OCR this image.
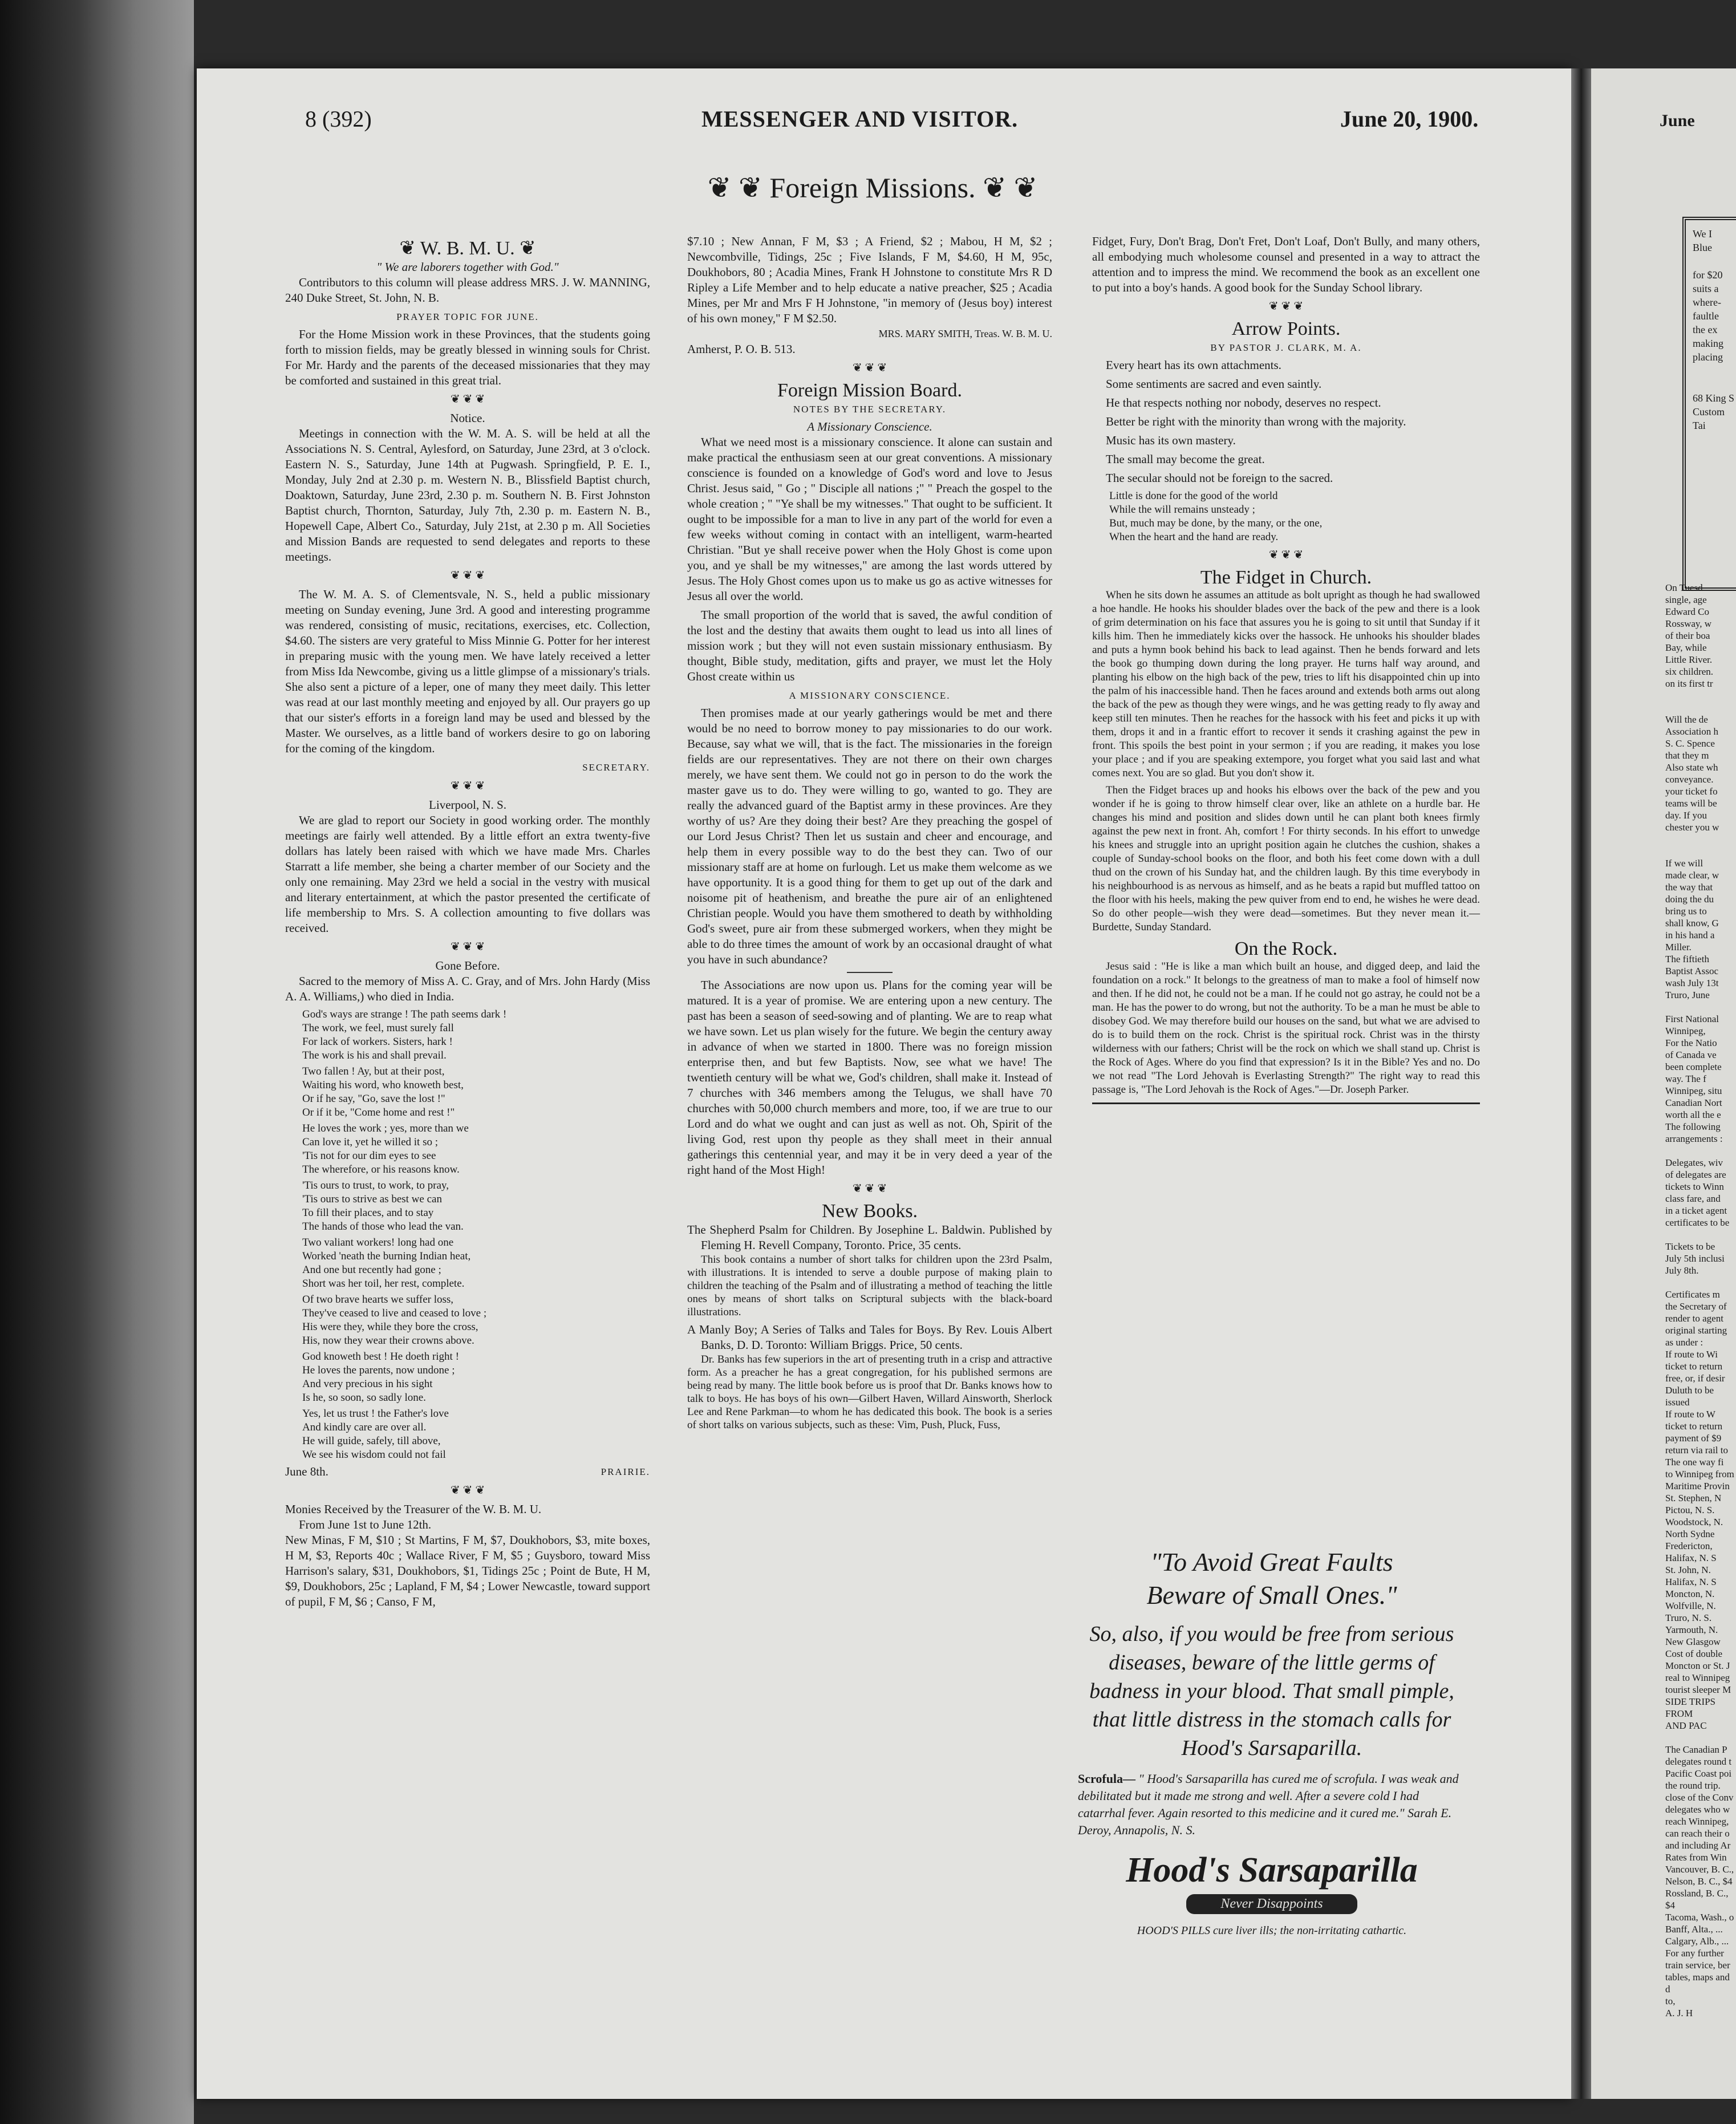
June
We I
Blue

for $20
suits a
where-
faultle
the ex
making
placing

68 King S
Custom
Tai
On Tuesd
single, age
Edward Co
Rossway, w
of their boa
Bay, while
Little River.
six children.
on its first tr

Will the de
Association h
S. C. Spence
that they m
Also state wh
conveyance.
your ticket fo
teams will be
day. If you
chester you w

If we will
made clear, w
the way that
doing the du
bring us to
shall know, G
in his hand a
Miller.
The fiftieth
Baptist Assoc
wash July 13t
Truro, June

First National
Winnipeg,
For the Natio
of Canada ve
been complete
way. The f
Winnipeg, situ
Canadian Nort
worth all the e
The following
arrangements :

Delegates, wiv
of delegates are
tickets to Winn
class fare, and
in a ticket agent
certificates to be

Tickets to be
July 5th inclusi
July 8th.

Certificates m
the Secretary of
render to agent
original starting
as under :
If route to Wi
ticket to return
free, or, if desir
Duluth to be issued
If route to W
ticket to return
payment of $9
return via rail to
The one way fi
to Winnipeg from
Maritime Provin
St. Stephen, N
Pictou, N. S.
Woodstock, N.
North Sydne
Fredericton,
Halifax, N. S
St. John, N.
Halifax, N. S
Moncton, N.
Wolfville, N.
Truro, N. S.
Yarmouth, N.
New Glasgow
Cost of double
Moncton or St. J
real to Winnipeg
tourist sleeper M
SIDE TRIPS FROM
AND PAC

The Canadian P
delegates round t
Pacific Coast poi
the round trip.
close of the Conv
delegates who w
reach Winnipeg,
can reach their o
and including Ar
Rates from Win
Vancouver, B. C.,
Nelson, B. C., $4
Rossland, B. C., $4
Tacoma, Wash., o
Banff, Alta., ...
Calgary, Alb., ...
For any further
train service, ber
tables, maps and d
to,
A. J. H
8 (392)	MESSENGER AND VISITOR.	June 20, 1900.
❦ ❦ Foreign Missions. ❦ ❦
❦ W. B. M. U. ❦
" We are laborers together with God."

Contributors to this column will please address MRS. J. W. MANNING, 240 Duke Street, St. John, N. B.

PRAYER TOPIC FOR JUNE.

For the Home Mission work in these Provinces, that the students going forth to mission fields, may be greatly blessed in winning souls for Christ. For Mr. Hardy and the parents of the deceased missionaries that they may be comforted and sustained in this great trial.

❦ ❦ ❦
Notice.

Meetings in connection with the W. M. A. S. will be held at all the Associations N. S. Central, Aylesford, on Saturday, June 23rd, at 3 o'clock. Eastern N. S., Saturday, June 14th at Pugwash. Springfield, P. E. I., Monday, July 2nd at 2.30 p. m. Western N. B., Blissfield Baptist church, Doaktown, Saturday, June 23rd, 2.30 p. m. Southern N. B. First Johnston Baptist church, Thornton, Saturday, July 7th, 2.30 p. m. Eastern N. B., Hopewell Cape, Albert Co., Saturday, July 21st, at 2.30 p m. All Societies and Mission Bands are requested to send delegates and reports to these meetings.

❦ ❦ ❦

The W. M. A. S. of Clementsvale, N. S., held a public missionary meeting on Sunday evening, June 3rd. A good and interesting programme was rendered, consisting of music, recitations, exercises, etc. Collection, $4.60. The sisters are very grateful to Miss Minnie G. Potter for her interest in preparing music with the young men. We have lately received a letter from Miss Ida Newcombe, giving us a little glimpse of a missionary's trials. She also sent a picture of a leper, one of many they meet daily. This letter was read at our last monthly meeting and enjoyed by all. Our prayers go up that our sister's efforts in a foreign land may be used and blessed by the Master. We ourselves, as a little band of workers desire to go on laboring for the coming of the kingdom.

SECRETARY.
❦ ❦ ❦
Liverpool, N. S.

We are glad to report our Society in good working order. The monthly meetings are fairly well attended. By a little effort an extra twenty-five dollars has lately been raised with which we have made Mrs. Charles Starratt a life member, she being a charter member of our Society and the only one remaining. May 23rd we held a social in the vestry with musical and literary entertainment, at which the pastor presented the certificate of life membership to Mrs. S. A collection amounting to five dollars was received.

❦ ❦ ❦
Gone Before.

Sacred to the memory of Miss A. C. Gray, and of Mrs. John Hardy (Miss A. A. Williams,) who died in India.

God's ways are strange ! The path seems dark !
The work, we feel, must surely fall
For lack of workers. Sisters, hark !
The work is his and shall prevail.
Two fallen ! Ay, but at their post,
Waiting his word, who knoweth best,
Or if he say, "Go, save the lost !"
Or if it be, "Come home and rest !"
He loves the work ; yes, more than we
Can love it, yet he willed it so ;
'Tis not for our dim eyes to see
The wherefore, or his reasons know.
'Tis ours to trust, to work, to pray,
'Tis ours to strive as best we can
To fill their places, and to stay
The hands of those who lead the van.
Two valiant workers! long had one
Worked 'neath the burning Indian heat,
And one but recently had gone ;
Short was her toil, her rest, complete.
Of two brave hearts we suffer loss,
They've ceased to live and ceased to love ;
His were they, while they bore the cross,
His, now they wear their crowns above.
God knoweth best ! He doeth right !
He loves the parents, now undone ;
And very precious in his sight
Is he, so soon, so sadly lone.
Yes, let us trust ! the Father's love
And kindly care are over all.
He will guide, safely, till above,
We see his wisdom could not fail
June 8th.	PRAIRIE.
❦ ❦ ❦
Monies Received by the Treasurer of the W. B. M. U.
From June 1st to June 12th.
New Minas, F M, $10 ; St Martins, F M, $7, Doukhobors, $3, mite boxes, H M, $3, Reports 40c ; Wallace River, F M, $5 ; Guysboro, toward Miss Harrison's salary, $31, Doukhobors, $1, Tidings 25c ; Point de Bute, H M, $9, Doukhobors, 25c ; Lapland, F M, $4 ; Lower Newcastle, toward support of pupil, F M, $6 ; Canso, F M,
$7.10 ; New Annan, F M, $3 ; A Friend, $2 ; Mabou, H M, $2 ; Newcombville, Tidings, 25c ; Five Islands, F M, $4.60, H M, 95c, Doukhobors, 80 ; Acadia Mines, Frank H Johnstone to constitute Mrs R D Ripley a Life Member and to help educate a native preacher, $25 ; Acadia Mines, per Mr and Mrs F H Johnstone, "in memory of (Jesus boy) interest of his own money," F M $2.50.
MRS. MARY SMITH, Treas. W. B. M. U.
Amherst, P. O. B. 513.
❦ ❦ ❦
Foreign Mission Board.
NOTES BY THE SECRETARY.
A Missionary Conscience.

What we need most is a missionary conscience. It alone can sustain and make practical the enthusiasm seen at our great conventions. A missionary conscience is founded on a knowledge of God's word and love to Jesus Christ. Jesus said, " Go ; " Disciple all nations ;" " Preach the gospel to the whole creation ; " "Ye shall be my witnesses." That ought to be sufficient. It ought to be impossible for a man to live in any part of the world for even a few weeks without coming in contact with an intelligent, warm-hearted Christian. "But ye shall receive power when the Holy Ghost is come upon you, and ye shall be my witnesses," are among the last words uttered by Jesus. The Holy Ghost comes upon us to make us go as active witnesses for Jesus all over the world.

The small proportion of the world that is saved, the awful condition of the lost and the destiny that awaits them ought to lead us into all lines of mission work ; but they will not even sustain missionary enthusiasm. By thought, Bible study, meditation, gifts and prayer, we must let the Holy Ghost create within us

A MISSIONARY CONSCIENCE.

Then promises made at our yearly gatherings would be met and there would be no need to borrow money to pay missionaries to do our work. Because, say what we will, that is the fact. The missionaries in the foreign fields are our representatives. They are not there on their own charges merely, we have sent them. We could not go in person to do the work the master gave us to do. They were willing to go, wanted to go. They are really the advanced guard of the Baptist army in these provinces. Are they worthy of us? Are they doing their best? Are they preaching the gospel of our Lord Jesus Christ? Then let us sustain and cheer and encourage, and help them in every possible way to do the best they can. Two of our missionary staff are at home on furlough. Let us make them welcome as we have opportunity. It is a good thing for them to get up out of the dark and noisome pit of heathenism, and breathe the pure air of an enlightened Christian people. Would you have them smothered to death by withholding God's sweet, pure air from these submerged workers, when they might be able to do three times the amount of work by an occasional draught of what you have in such abundance?

The Associations are now upon us. Plans for the coming year will be matured. It is a year of promise. We are entering upon a new century. The past has been a season of seed-sowing and of planting. We are to reap what we have sown. Let us plan wisely for the future. We begin the century away in advance of when we started in 1800. There was no foreign mission enterprise then, and but few Baptists. Now, see what we have! The twentieth century will be what we, God's children, shall make it. Instead of 7 churches with 346 members among the Telugus, we shall have 70 churches with 50,000 church members and more, too, if we are true to our Lord and do what we ought and can just as well as not. Oh, Spirit of the living God, rest upon thy people as they shall meet in their annual gatherings this centennial year, and may it be in very deed a year of the right hand of the Most High!

❦ ❦ ❦
New Books.
The Shepherd Psalm for Children. By Josephine L. Baldwin. Published by Fleming H. Revell Company, Toronto. Price, 35 cents.

This book contains a number of short talks for children upon the 23rd Psalm, with illustrations. It is intended to serve a double purpose of making plain to children the teaching of the Psalm and of illustrating a method of teaching the little ones by means of short talks on Scriptural subjects with the black-board illustrations.

A Manly Boy; A Series of Talks and Tales for Boys. By Rev. Louis Albert Banks, D. D. Toronto: William Briggs. Price, 50 cents.

Dr. Banks has few superiors in the art of presenting truth in a crisp and attractive form. As a preacher he has a great congregation, for his published sermons are being read by many. The little book before us is proof that Dr. Banks knows how to talk to boys. He has boys of his own—Gilbert Haven, Willard Ainsworth, Sherlock Lee and Rene Parkman—to whom he has dedicated this book. The book is a series of short talks on various subjects, such as these: Vim, Push, Pluck, Fuss,

Fidget, Fury, Don't Brag, Don't Fret, Don't Loaf, Don't Bully, and many others, all embodying much wholesome counsel and presented in a way to attract the attention and to impress the mind. We recommend the book as an excellent one to put into a boy's hands. A good book for the Sunday School library.
❦ ❦ ❦
Arrow Points.
BY PASTOR J. CLARK, M. A.

Every heart has its own attachments.

Some sentiments are sacred and even saintly.

He that respects nothing nor nobody, deserves no respect.

Better be right with the minority than wrong with the majority.

Music has its own mastery.

The small may become the great.

The secular should not be foreign to the sacred.

Little is done for the good of the world
While the will remains unsteady ;
But, much may be done, by the many, or the one,
When the heart and the hand are ready.
❦ ❦ ❦
The Fidget in Church.

When he sits down he assumes an attitude as bolt upright as though he had swallowed a hoe handle. He hooks his shoulder blades over the back of the pew and there is a look of grim determination on his face that assures you he is going to sit until that Sunday if it kills him. Then he immediately kicks over the hassock. He unhooks his shoulder blades and puts a hymn book behind his back to lead against. Then he bends forward and lets the book go thumping down during the long prayer. He turns half way around, and planting his elbow on the high back of the pew, tries to lift his disappointed chin up into the palm of his inaccessible hand. Then he faces around and extends both arms out along the back of the pew as though they were wings, and he was getting ready to fly away and keep still ten minutes. Then he reaches for the hassock with his feet and picks it up with them, drops it and in a frantic effort to recover it sends it crashing against the pew in front. This spoils the best point in your sermon ; if you are reading, it makes you lose your place ; and if you are speaking extempore, you forget what you said last and what comes next. You are so glad. But you don't show it.

Then the Fidget braces up and hooks his elbows over the back of the pew and you wonder if he is going to throw himself clear over, like an athlete on a hurdle bar. He changes his mind and position and slides down until he can plant both knees firmly against the pew next in front. Ah, comfort ! For thirty seconds. In his effort to unwedge his knees and struggle into an upright position again he clutches the cushion, shakes a couple of Sunday-school books on the floor, and both his feet come down with a dull thud on the crown of his Sunday hat, and the children laugh. By this time everybody in his neighbourhood is as nervous as himself, and as he beats a rapid but muffled tattoo on the floor with his heels, making the pew quiver from end to end, he wishes he were dead. So do other people—wish they were dead—sometimes. But they never mean it.—Burdette, Sunday Standard.

On the Rock.

Jesus said : "He is like a man which built an house, and digged deep, and laid the foundation on a rock." It belongs to the greatness of man to make a fool of himself now and then. If he did not, he could not be a man. If he could not go astray, he could not be a man. He has the power to do wrong, but not the authority. To be a man he must be able to disobey God. We may therefore build our houses on the sand, but what we are advised to do is to build them on the rock. Christ is the spiritual rock. Christ was in the thirsty wilderness with our fathers; Christ will be the rock on which we shall stand up. Christ is the Rock of Ages. Where do you find that expression? Is it in the Bible? Yes and no. Do we not read "The Lord Jehovah is Everlasting Strength?" The right way to read this passage is, "The Lord Jehovah is the Rock of Ages."—Dr. Joseph Parker.

"To Avoid Great Faults
Beware of Small Ones."
So, also, if you would be free from serious diseases, beware of the little germs of badness in your blood. That small pimple, that little distress in the stomach calls for Hood's Sarsaparilla.
Scrofula— " Hood's Sarsaparilla has cured me of scrofula. I was weak and debilitated but it made me strong and well. After a severe cold I had catarrhal fever. Again resorted to this medicine and it cured me." Sarah E. Deroy, Annapolis, N. S.
Hood's Sarsaparilla
Never Disappoints
HOOD'S PILLS cure liver ills; the non-irritating cathartic.
